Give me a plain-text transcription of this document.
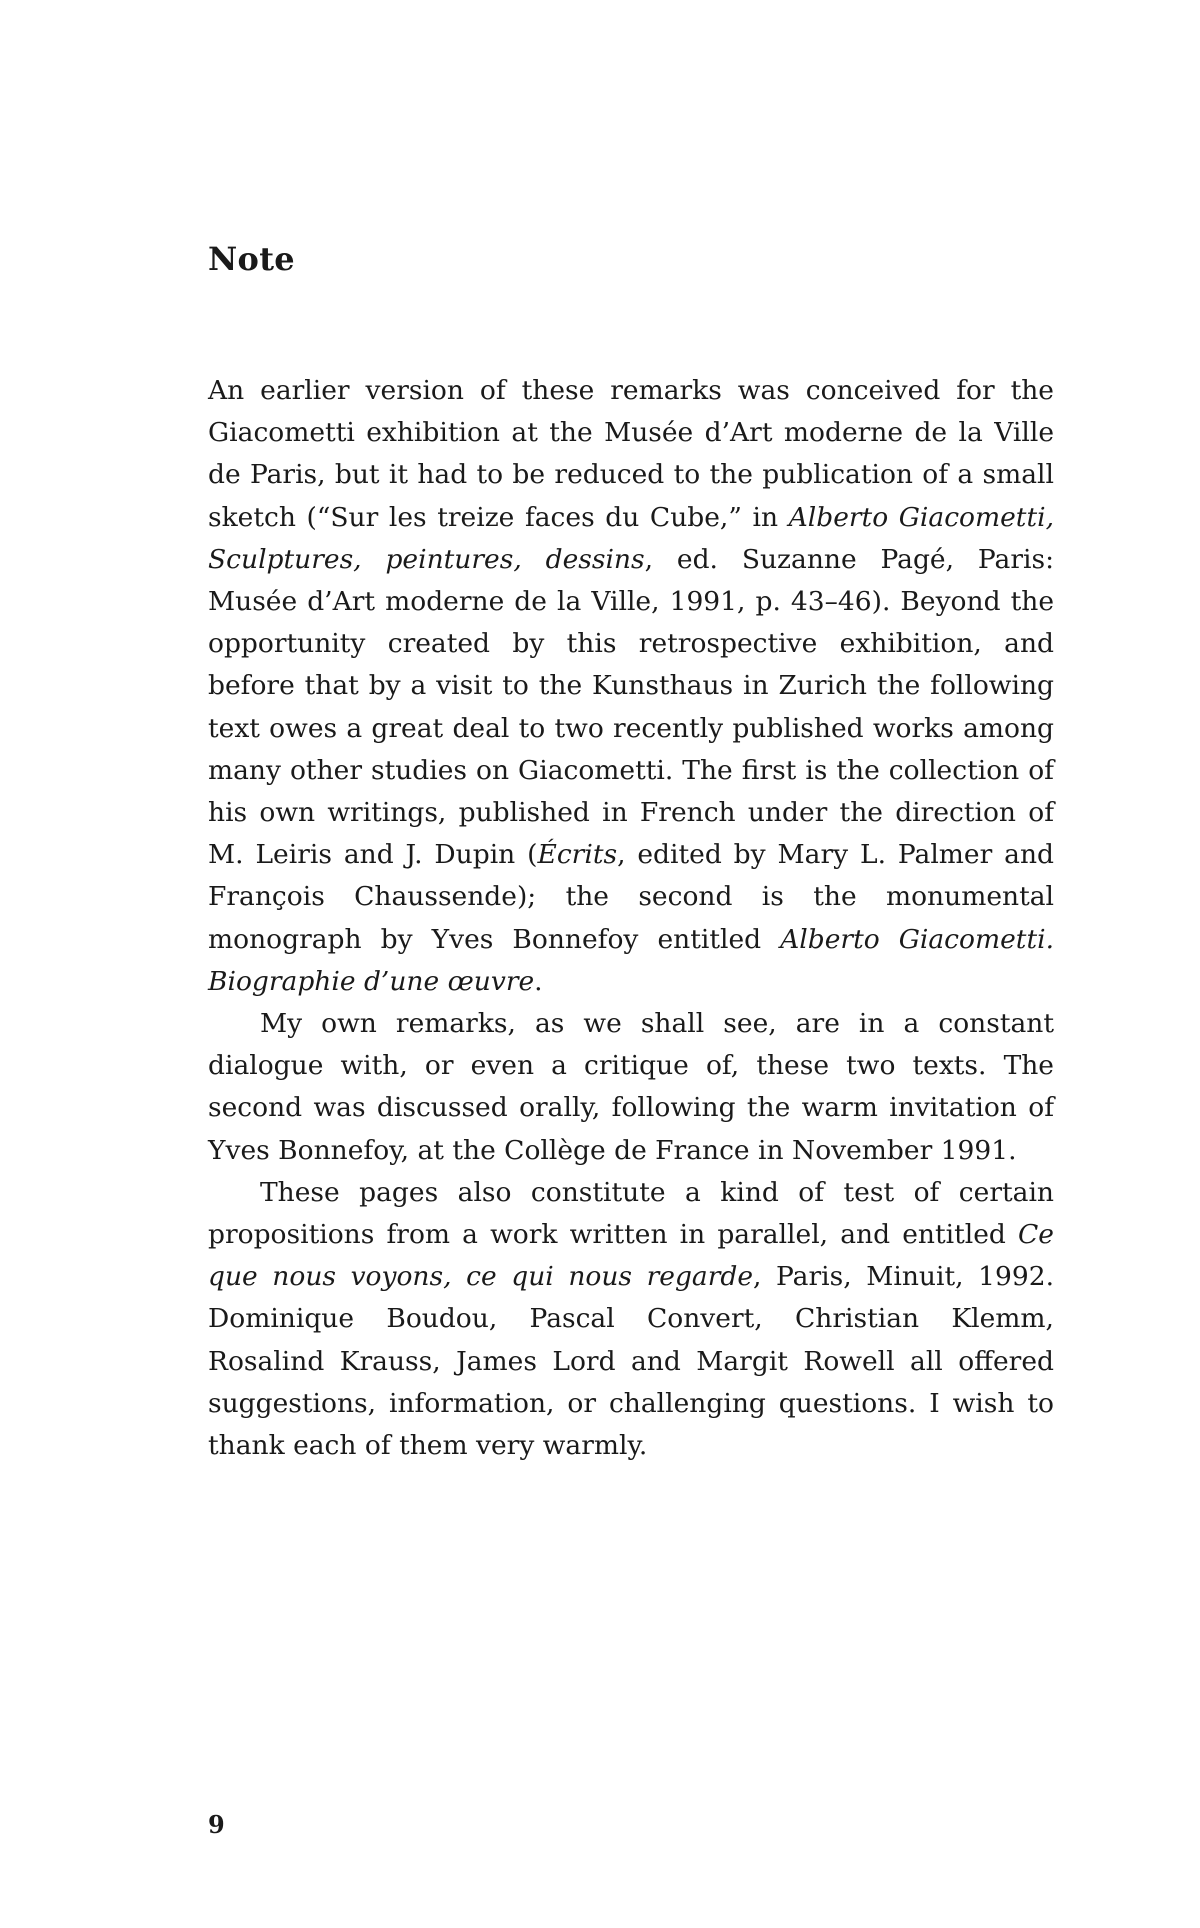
Note

An earlier version of these remarks was conceived for the Giacometti exhibition at the Musée d’Art moderne de la Ville de Paris, but it had to be reduced to the publication of a small sketch (“Sur les treize faces du Cube,” in Alberto Giacometti, Sculptures, peintures, dessins, ed. Suzanne Pagé, Paris: Musée d’Art moderne de la Ville, 1991, p. 43–46). Beyond the opportunity created by this retrospective exhibition, and before that by a visit to the Kunsthaus in Zurich the following text owes a great deal to two recently published works among many other studies on Giacometti. The first is the collection of his own writings, published in French under the direction of M. Leiris and J. Dupin (Écrits, edited by Mary L. Palmer and François Chaussende); the second is the monumental monograph by Yves Bonnefoy entitled Alberto Giacometti. Biographie d’une œuvre.

My own remarks, as we shall see, are in a constant dialogue with, or even a critique of, these two texts. The second was discussed orally, following the warm invitation of Yves Bonnefoy, at the Collège de France in November 1991.

These pages also constitute a kind of test of certain propositions from a work written in parallel, and entitled Ce que nous voyons, ce qui nous regarde, Paris, Minuit, 1992. Dominique Boudou, Pascal Convert, Christian Klemm, Rosalind Krauss, James Lord and Margit Rowell all offered suggestions, information, or challenging questions. I wish to thank each of them very warmly.

9
